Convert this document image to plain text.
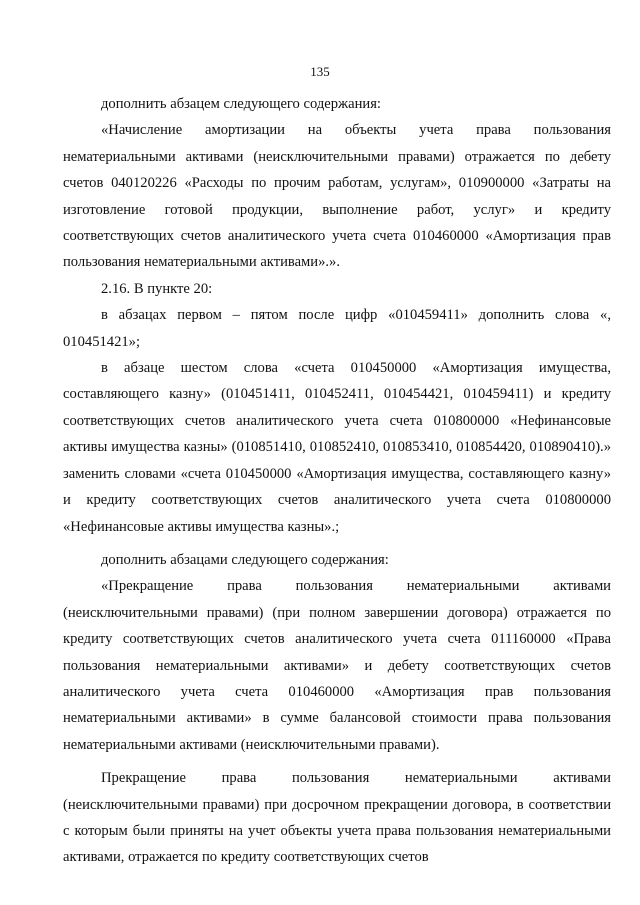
135

дополнить абзацем следующего содержания:

«Начисление амортизации на объекты учета права пользования нематериальными активами (неисключительными правами) отражается по дебету счетов 040120226 «Расходы по прочим работам, услугам», 010900000 «Затраты на изготовление готовой продукции, выполнение работ, услуг» и кредиту соответствующих счетов аналитического учета счета 010460000 «Амортизация прав пользования нематериальными активами».».

2.16. В пункте 20:

в абзацах первом – пятом после цифр «010459411» дополнить слова «, 010451421»;

в абзаце шестом слова «счета 010450000 «Амортизация имущества, составляющего казну» (010451411, 010452411, 010454421, 010459411) и кредиту соответствующих счетов аналитического учета счета 010800000 «Нефинансовые активы имущества казны» (010851410, 010852410, 010853410, 010854420, 010890410).» заменить словами «счета 010450000 «Амортизация имущества, составляющего казну» и кредиту соответствующих счетов аналитического учета счета 010800000 «Нефинансовые активы имущества казны».;

дополнить абзацами следующего содержания:

«Прекращение права пользования нематериальными активами (неисключительными правами) (при полном завершении договора) отражается по кредиту соответствующих счетов аналитического учета счета 011160000 «Права пользования нематериальными активами» и дебету соответствующих счетов аналитического учета счета 010460000 «Амортизация прав пользования нематериальными активами» в сумме балансовой стоимости права пользования нематериальными активами (неисключительными правами).

Прекращение права пользования нематериальными активами (неисключительными правами) при досрочном прекращении договора, в соответствии с которым были приняты на учет объекты учета права пользования нематериальными активами, отражается по кредиту соответствующих счетов
